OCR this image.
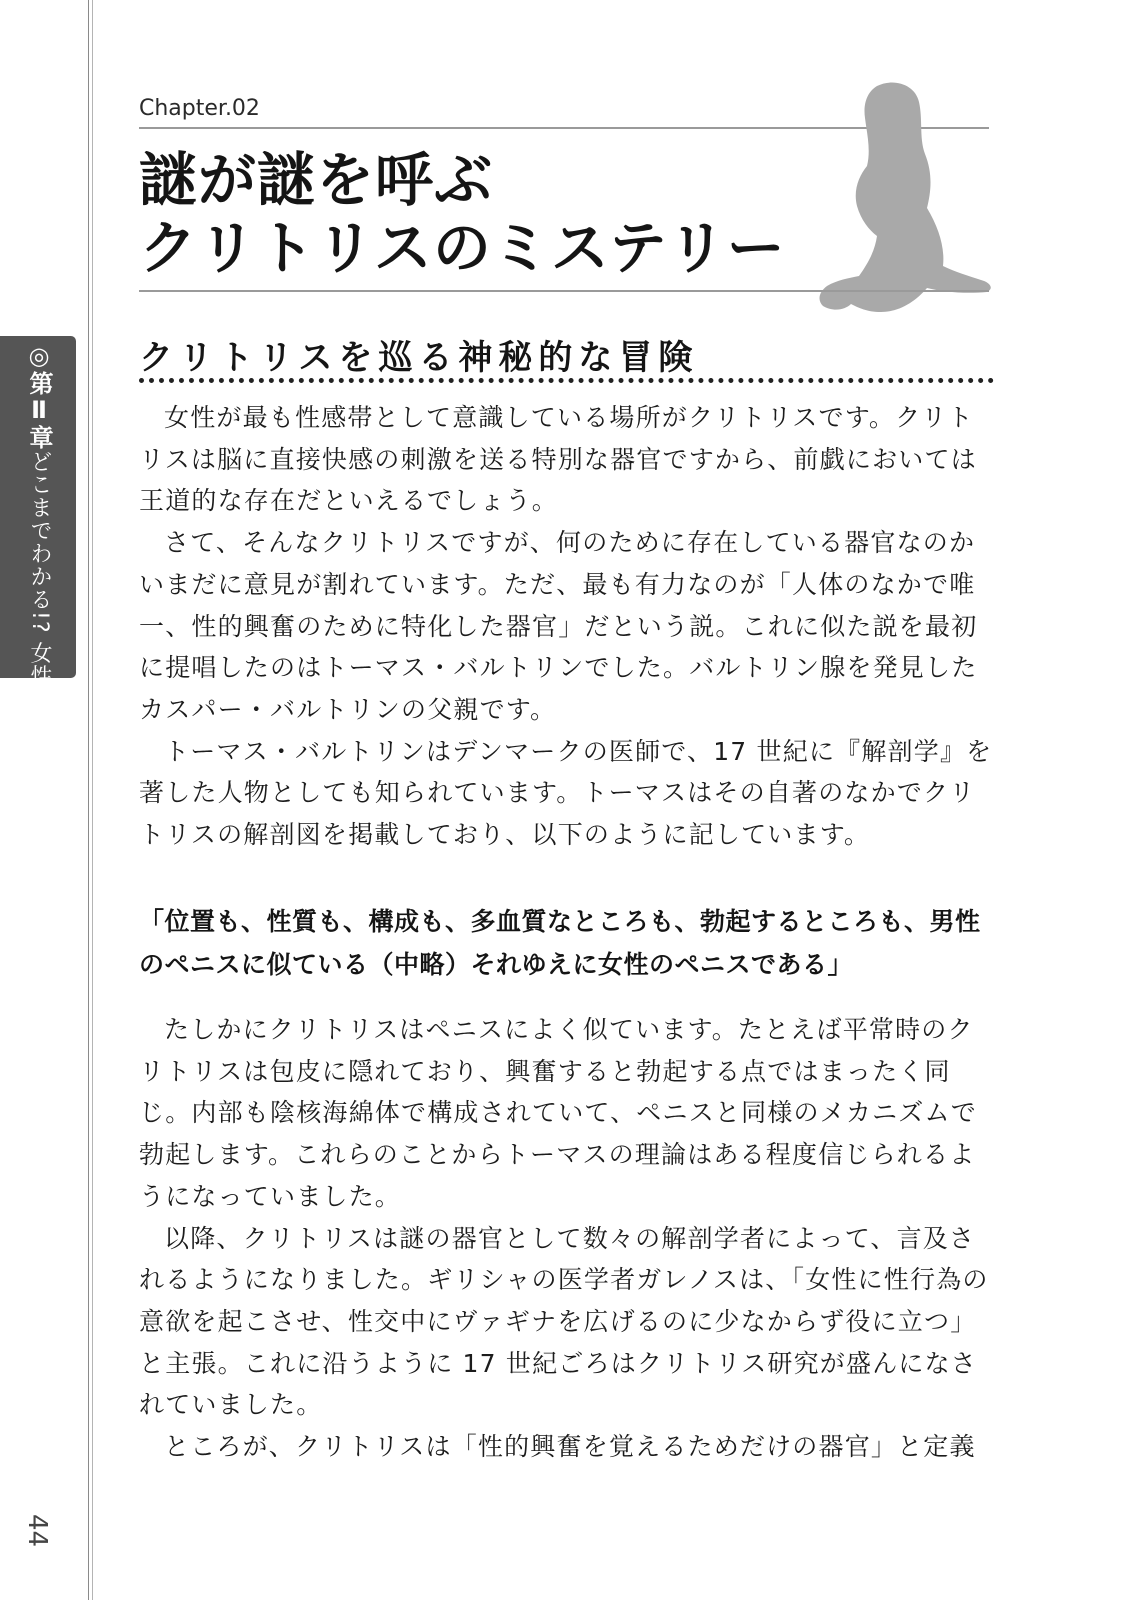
◎第Ⅱ章どこまでわかる!? 女性のカラダ
44
Chapter.02
謎が謎を呼ぶ
クリトリスのミステリー
クリトリスを巡る神秘的な冒険

女性が最も性感帯として意識している場所がクリトリスです。クリトリスは脳に直接快感の刺激を送る特別な器官ですから、前戯においては王道的な存在だといえるでしょう。

さて、そんなクリトリスですが、何のために存在している器官なのかいまだに意見が割れています。ただ、最も有力なのが「人体のなかで唯一、性的興奮のために特化した器官」だという説。これに似た説を最初に提唱したのはトーマス・バルトリンでした。バルトリン腺を発見したカスパー・バルトリンの父親です。

トーマス・バルトリンはデンマークの医師で、17 世紀に『解剖学』を著した人物としても知られています。トーマスはその自著のなかでクリトリスの解剖図を掲載しており、以下のように記しています。

「位置も、性質も、構成も、多血質なところも、勃起するところも、男性のペニスに似ている（中略）それゆえに女性のペニスである」

たしかにクリトリスはペニスによく似ています。たとえば平常時のクリトリスは包皮に隠れており、興奮すると勃起する点ではまったく同じ。内部も陰核海綿体で構成されていて、ペニスと同様のメカニズムで勃起します。これらのことからトーマスの理論はある程度信じられるようになっていました。

以降、クリトリスは謎の器官として数々の解剖学者によって、言及されるようになりました。ギリシャの医学者ガレノスは、「女性に性行為の意欲を起こさせ、性交中にヴァギナを広げるのに少なからず役に立つ」と主張。これに沿うように 17 世紀ごろはクリトリス研究が盛んになされていました。

ところが、クリトリスは「性的興奮を覚えるためだけの器官」と定義
